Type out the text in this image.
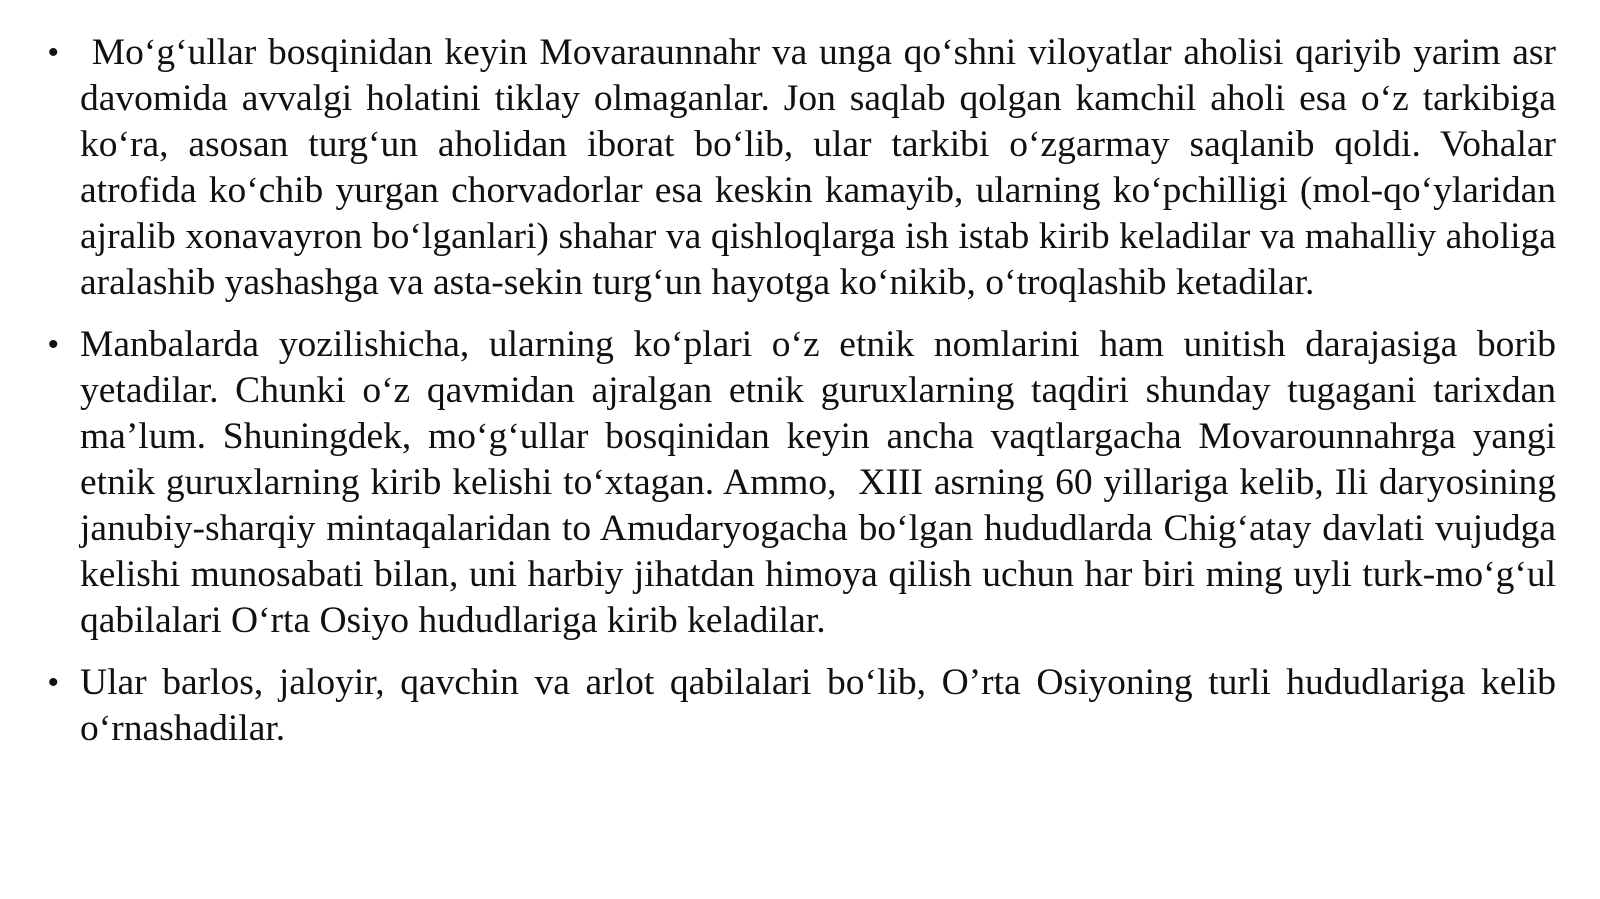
• Mo‘g‘ullar bosqinidan keyin Movaraunnahr va unga qo‘shni viloyatlar aholisi qariyib yarim asr davomida avvalgi holatini tiklay olmaganlar. Jon saqlab qolgan kamchil aholi esa o‘z tarkibiga ko‘ra, asosan turg‘un aholidan iborat bo‘lib, ular tarkibi o‘zgarmay saqlanib qoldi. Vohalar atrofida ko‘chib yurgan chorvadorlar esa keskin kamayib, ularning ko‘pchilligi (mol-qo‘ylaridan ajralib xonavayron bo‘lganlari) shahar va qishloqlarga ish istab kirib keladilar va mahalliy aholiga aralashib yashashga va asta-sekin turg‘un hayotga ko‘nikib, o‘troqlashib ketadilar.
• Manbalarda yozilishicha, ularning ko‘plari o‘z etnik nomlarini ham unitish darajasiga borib yetadilar. Chunki o‘z qavmidan ajralgan etnik guruxlarning taqdiri shunday tugagani tarixdan ma’lum. Shuningdek, mo‘g‘ullar bosqinidan keyin ancha vaqtlargacha Movarounnahrga yangi etnik guruxlarning kirib kelishi to‘xtagan. Ammo,  XIII asrning 60 yillariga kelib, Ili daryosining janubiy-sharqiy mintaqalaridan to Amudaryogacha bo‘lgan hududlarda Chig‘atay davlati vujudga kelishi munosabati bilan, uni harbiy jihatdan himoya qilish uchun har biri ming uyli turk-mo‘g‘ul qabilalari O‘rta Osiyo hududlariga kirib keladilar.
• Ular barlos, jaloyir, qavchin va arlot qabilalari bo‘lib, O’rta Osiyoning turli hududlariga kelib o‘rnashadilar.
